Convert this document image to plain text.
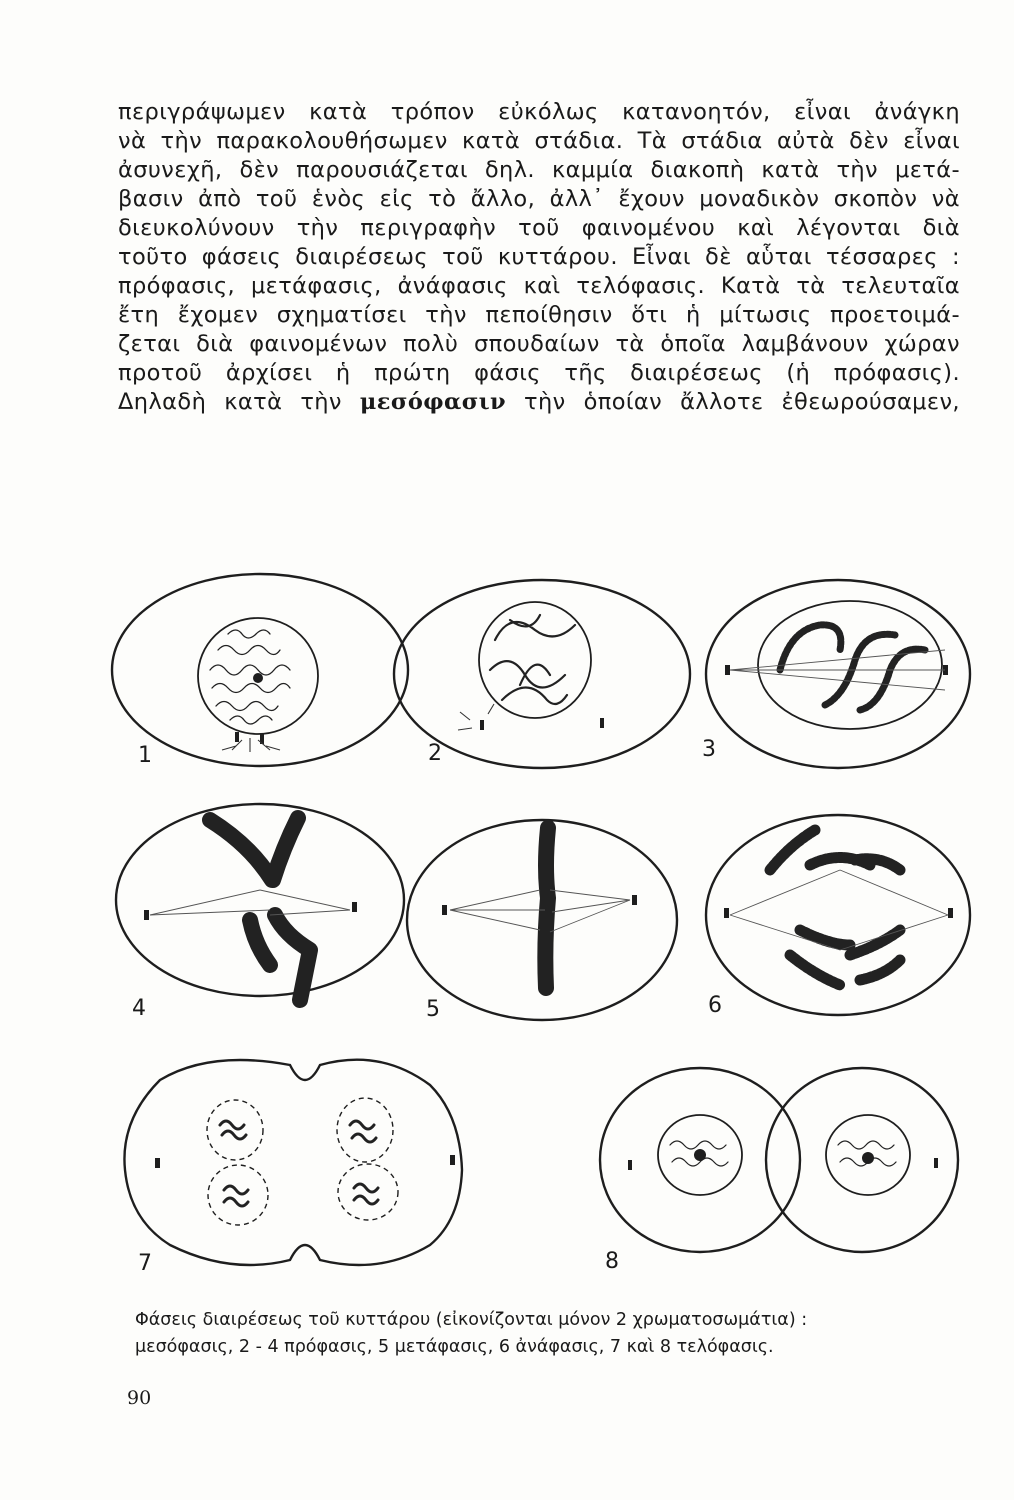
περιγράψωμεν κατὰ τρόπον εὐκόλως κατανοητόν, εἶναι ἀνάγκη
νὰ τὴν παρακολουθήσωμεν κατὰ στάδια. Τὰ στάδια αὐτὰ δὲν εἶναι
ἀσυνεχῆ, δὲν παρουσιάζεται δηλ. καμμία διακοπὴ κατὰ τὴν μετά-
βασιν ἀπὸ τοῦ ἑνὸς εἰς τὸ ἄλλο, ἀλλ᾽ ἔχουν μοναδικὸν σκοπὸν νὰ
διευκολύνουν τὴν περιγραφὴν τοῦ φαινομένου καὶ λέγονται διὰ
τοῦτο φάσεις διαιρέσεως τοῦ κυττάρου. Εἶναι δὲ αὗται τέσσαρες :
πρόφασις, μετάφασις, ἀνάφασις καὶ τελόφασις. Κατὰ τὰ τελευταῖα
ἔτη ἔχομεν σχηματίσει τὴν πεποίθησιν ὅτι ἡ μίτωσις προετοιμά-
ζεται διὰ φαινομένων πολὺ σπουδαίων τὰ ὁποῖα λαμβάνουν χώραν
προτοῦ ἀρχίσει ἡ πρώτη φάσις τῆς διαιρέσεως (ἡ πρόφασις).
Δηλαδὴ κατὰ τὴν μεσόφασιν τὴν ὁποίαν ἄλλοτε ἐθεωρούσαμεν,
1	2	3
4	5	6
7	8
Φάσεις διαιρέσεως τοῦ κυττάρου (εἰκονίζονται μόνον 2 χρωματοσωμάτια) :
μεσόφασις, 2 - 4 πρόφασις, 5 μετάφασις, 6 ἀνάφασις, 7 καὶ 8 τελόφασις.
90
